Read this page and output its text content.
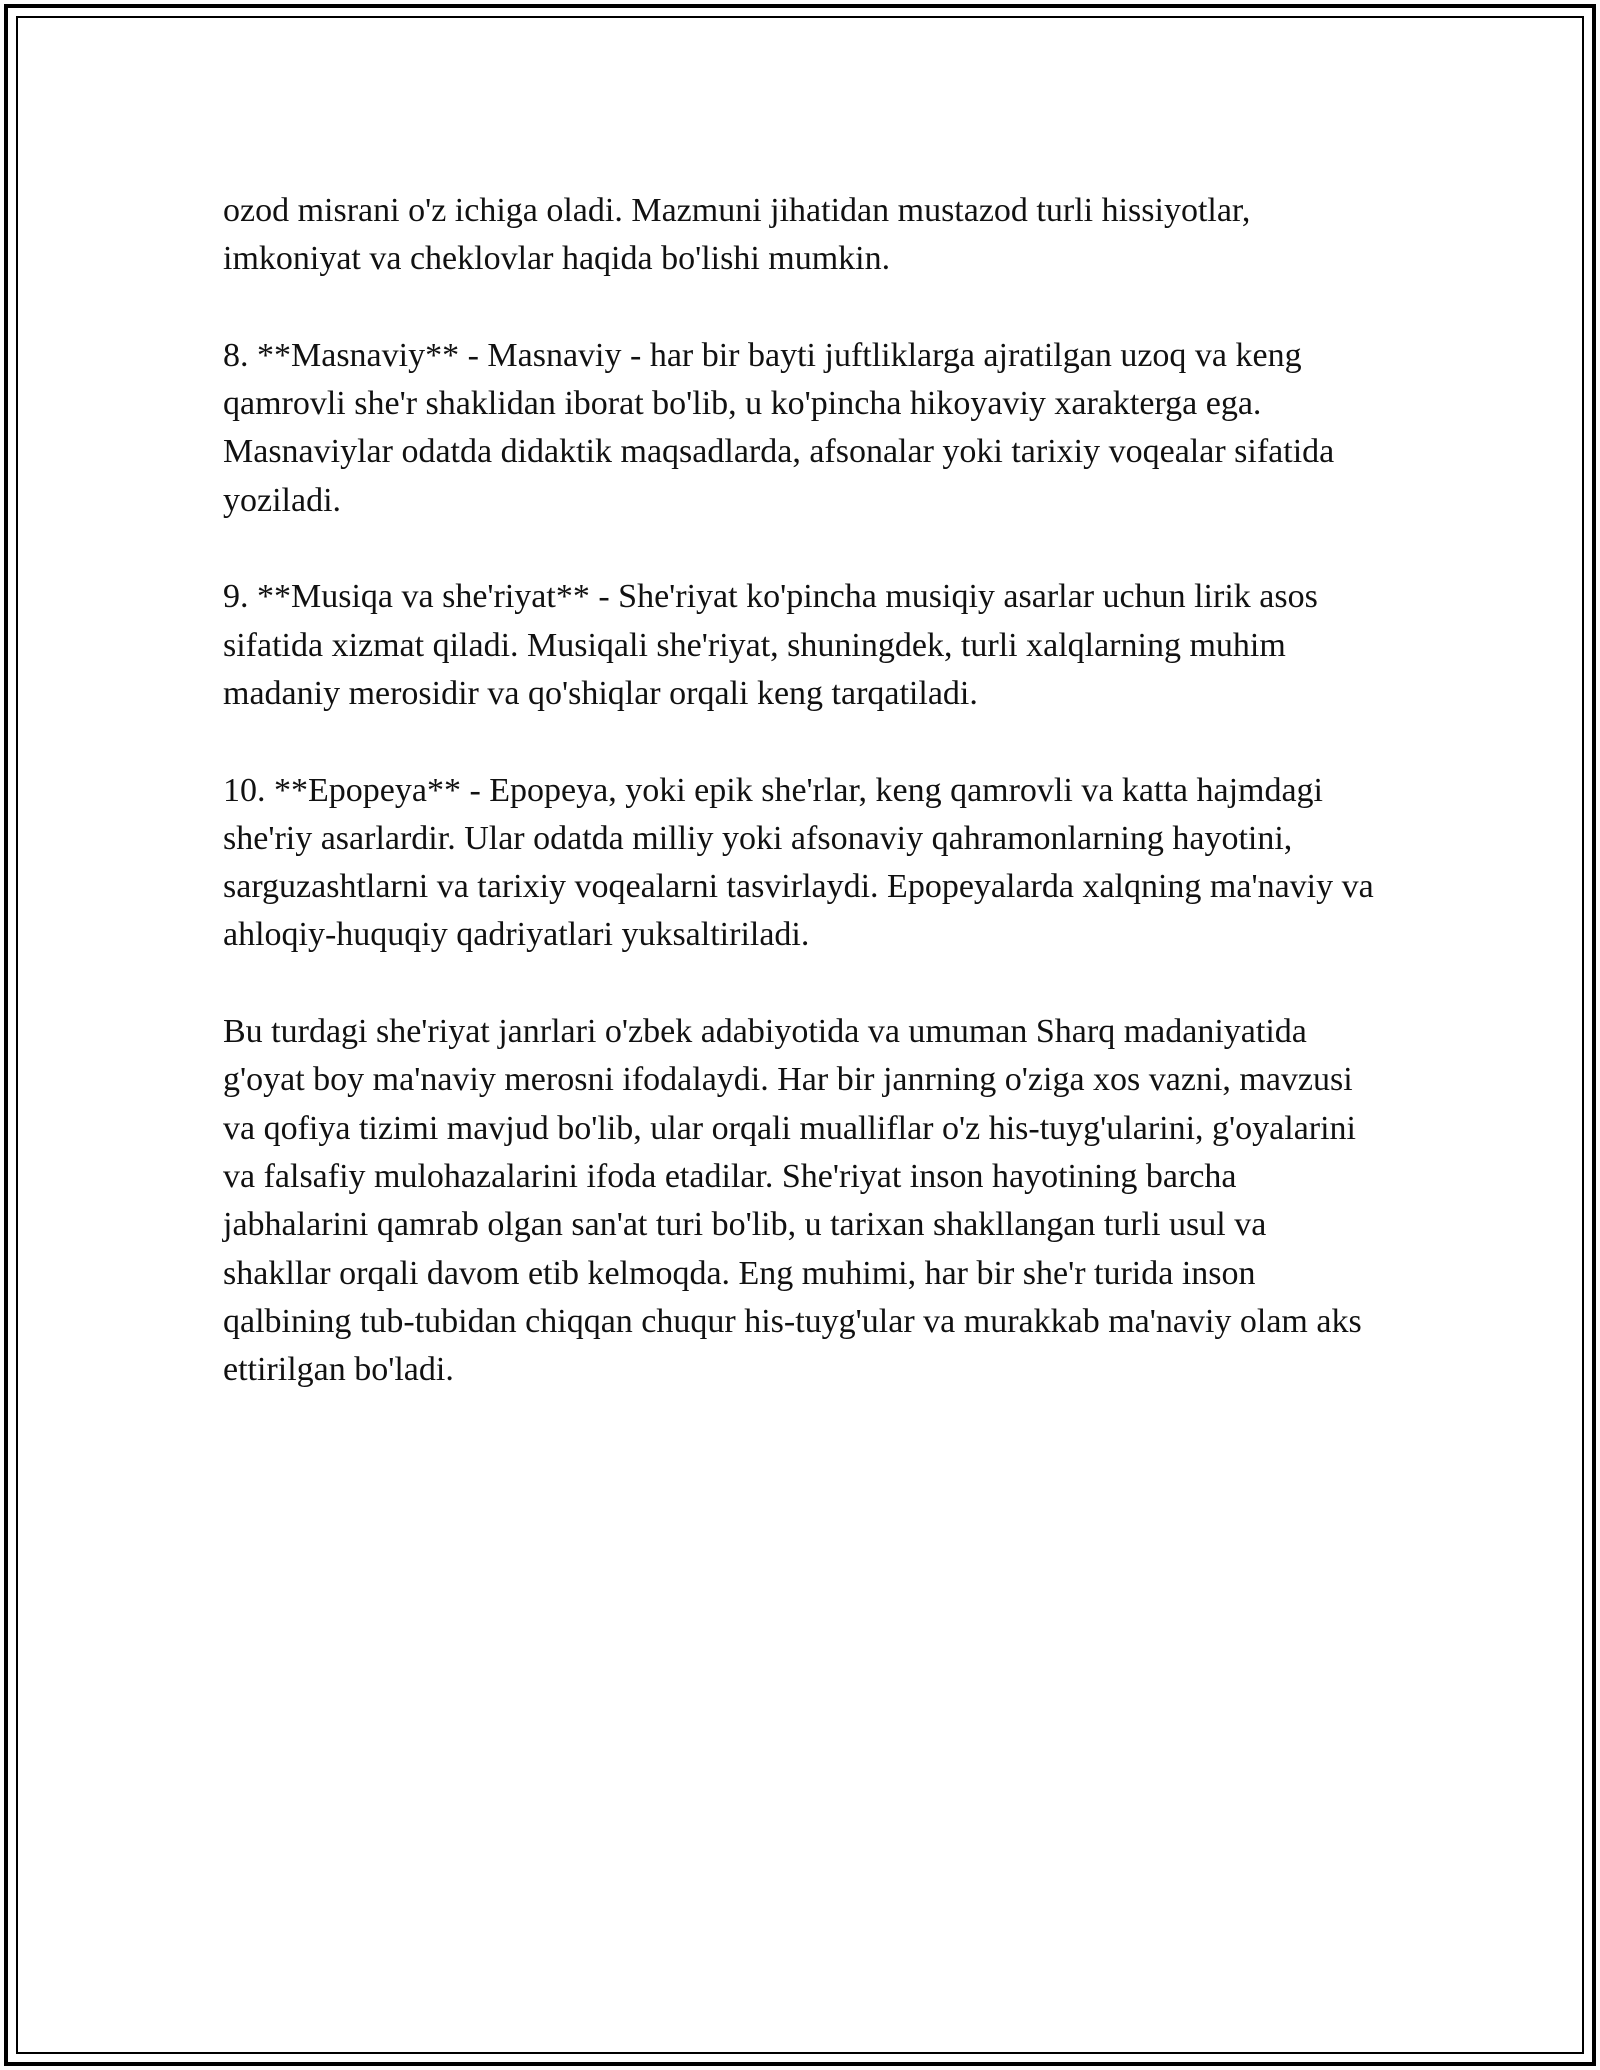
ozod misrani o'z ichiga oladi. Mazmuni jihatidan mustazod turli hissiyotlar, imkoniyat va cheklovlar haqida bo'lishi mumkin.

8. **Masnaviy** - Masnaviy - har bir bayti juftliklarga ajratilgan uzoq va keng qamrovli she'r shaklidan iborat bo'lib, u ko'pincha hikoyaviy xarakterga ega. Masnaviylar odatda didaktik maqsadlarda, afsonalar yoki tarixiy voqealar sifatida yoziladi.

9. **Musiqa va she'riyat** - She'riyat ko'pincha musiqiy asarlar uchun lirik asos sifatida xizmat qiladi. Musiqali she'riyat, shuningdek, turli xalqlarning muhim madaniy merosidir va qo'shiqlar orqali keng tarqatiladi.

10. **Epopeya** - Epopeya, yoki epik she'rlar, keng qamrovli va katta hajmdagi she'riy asarlardir. Ular odatda milliy yoki afsonaviy qahramonlarning hayotini, sarguzashtlarni va tarixiy voqealarni tasvirlaydi. Epopeyalarda xalqning ma'naviy va ahloqiy-huquqiy qadriyatlari yuksaltiriladi.

Bu turdagi she'riyat janrlari o'zbek adabiyotida va umuman Sharq madaniyatida g'oyat boy ma'naviy merosni ifodalaydi. Har bir janrning o'ziga xos vazni, mavzusi va qofiya tizimi mavjud bo'lib, ular orqali mualliflar o'z his-tuyg'ularini, g'oyalarini va falsafiy mulohazalarini ifoda etadilar. She'riyat inson hayotining barcha jabhalarini qamrab olgan san'at turi bo'lib, u tarixan shakllangan turli usul va shakllar orqali davom etib kelmoqda. Eng muhimi, har bir she'r turida inson qalbining tub-tubidan chiqqan chuqur his-tuyg'ular va murakkab ma'naviy olam aks ettirilgan bo'ladi.
